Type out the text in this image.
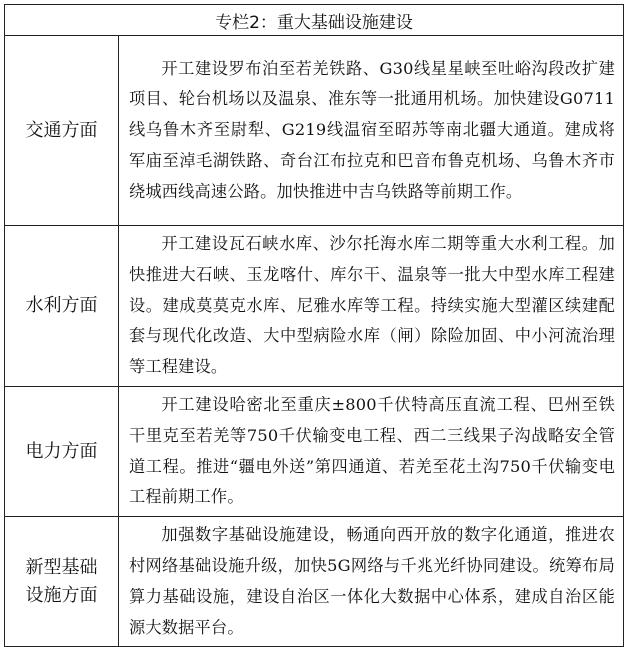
专栏2：重大基础设施建设	
交通方面	开工建设罗布泊至若羌铁路、G30线星星峡至吐峪沟段改扩建项目、轮台机场以及温泉、准东等一批通用机场。加快建设G0711线乌鲁木齐至尉犁、G219线温宿至昭苏等南北疆大通道。建成将军庙至淖毛湖铁路、奇台江布拉克和巴音布鲁克机场、乌鲁木齐市绕城西线高速公路。加快推进中吉乌铁路等前期工作。
水利方面	开工建设瓦石峡水库、沙尔托海水库二期等重大水利工程。加快推进大石峡、玉龙喀什、库尔干、温泉等一批大中型水库工程建设。建成莫莫克水库、尼雅水库等工程。持续实施大型灌区续建配套与现代化改造、大中型病险水库（闸）除险加固、中小河流治理等工程建设。
电力方面	开工建设哈密北至重庆±800千伏特高压直流工程、巴州至铁干里克至若羌等750千伏输变电工程、西二三线果子沟战略安全管道工程。推进“疆电外送”第四通道、若羌至花土沟750千伏输变电工程前期工作。
新型基础
设施方面	加强数字基础设施建设，畅通向西开放的数字化通道，推进农村网络基础设施升级，加快5G网络与千兆光纤协同建设。统筹布局算力基础设施，建设自治区一体化大数据中心体系，建成自治区能源大数据平台。
